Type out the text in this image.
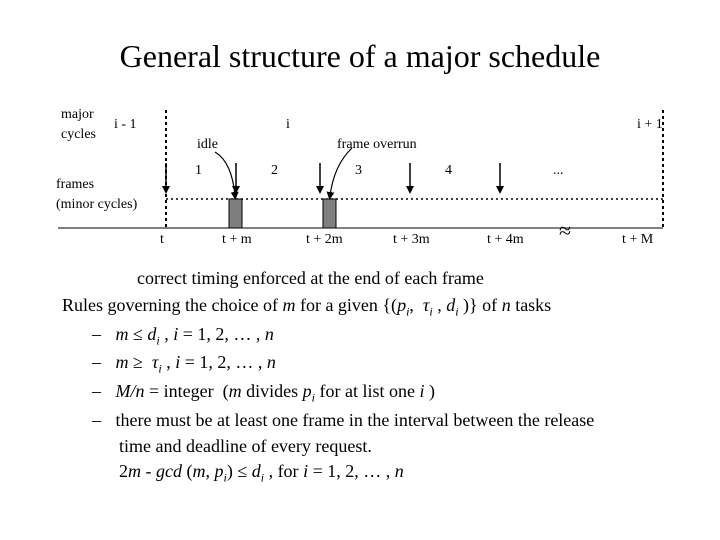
General structure of a major schedule
major
cycles
i - 1	i	i + 1
idle	frame overrun
1	2	3	4	...
frames
(minor cycles)
t	t + m	t + 2m	t + 3m	t + 4m	t + M
≈
correct timing enforced at the end of each frame
Rules governing the choice of m for a given {($p_i$,  $\tau_i$ , $d_i$ )} of n tasks
– $m \le d_i$ , i = 1, 2, … , n
– $m \ge \tau_i$ , i = 1, 2, … , n
– M/n = integer  (m divides $p_i$ for at list one i )
– there must be at least one frame in the interval between the release
time and deadline of every request.
2m - gcd (m, $p_i) \le d_i$ , for i = 1, 2, … , n
